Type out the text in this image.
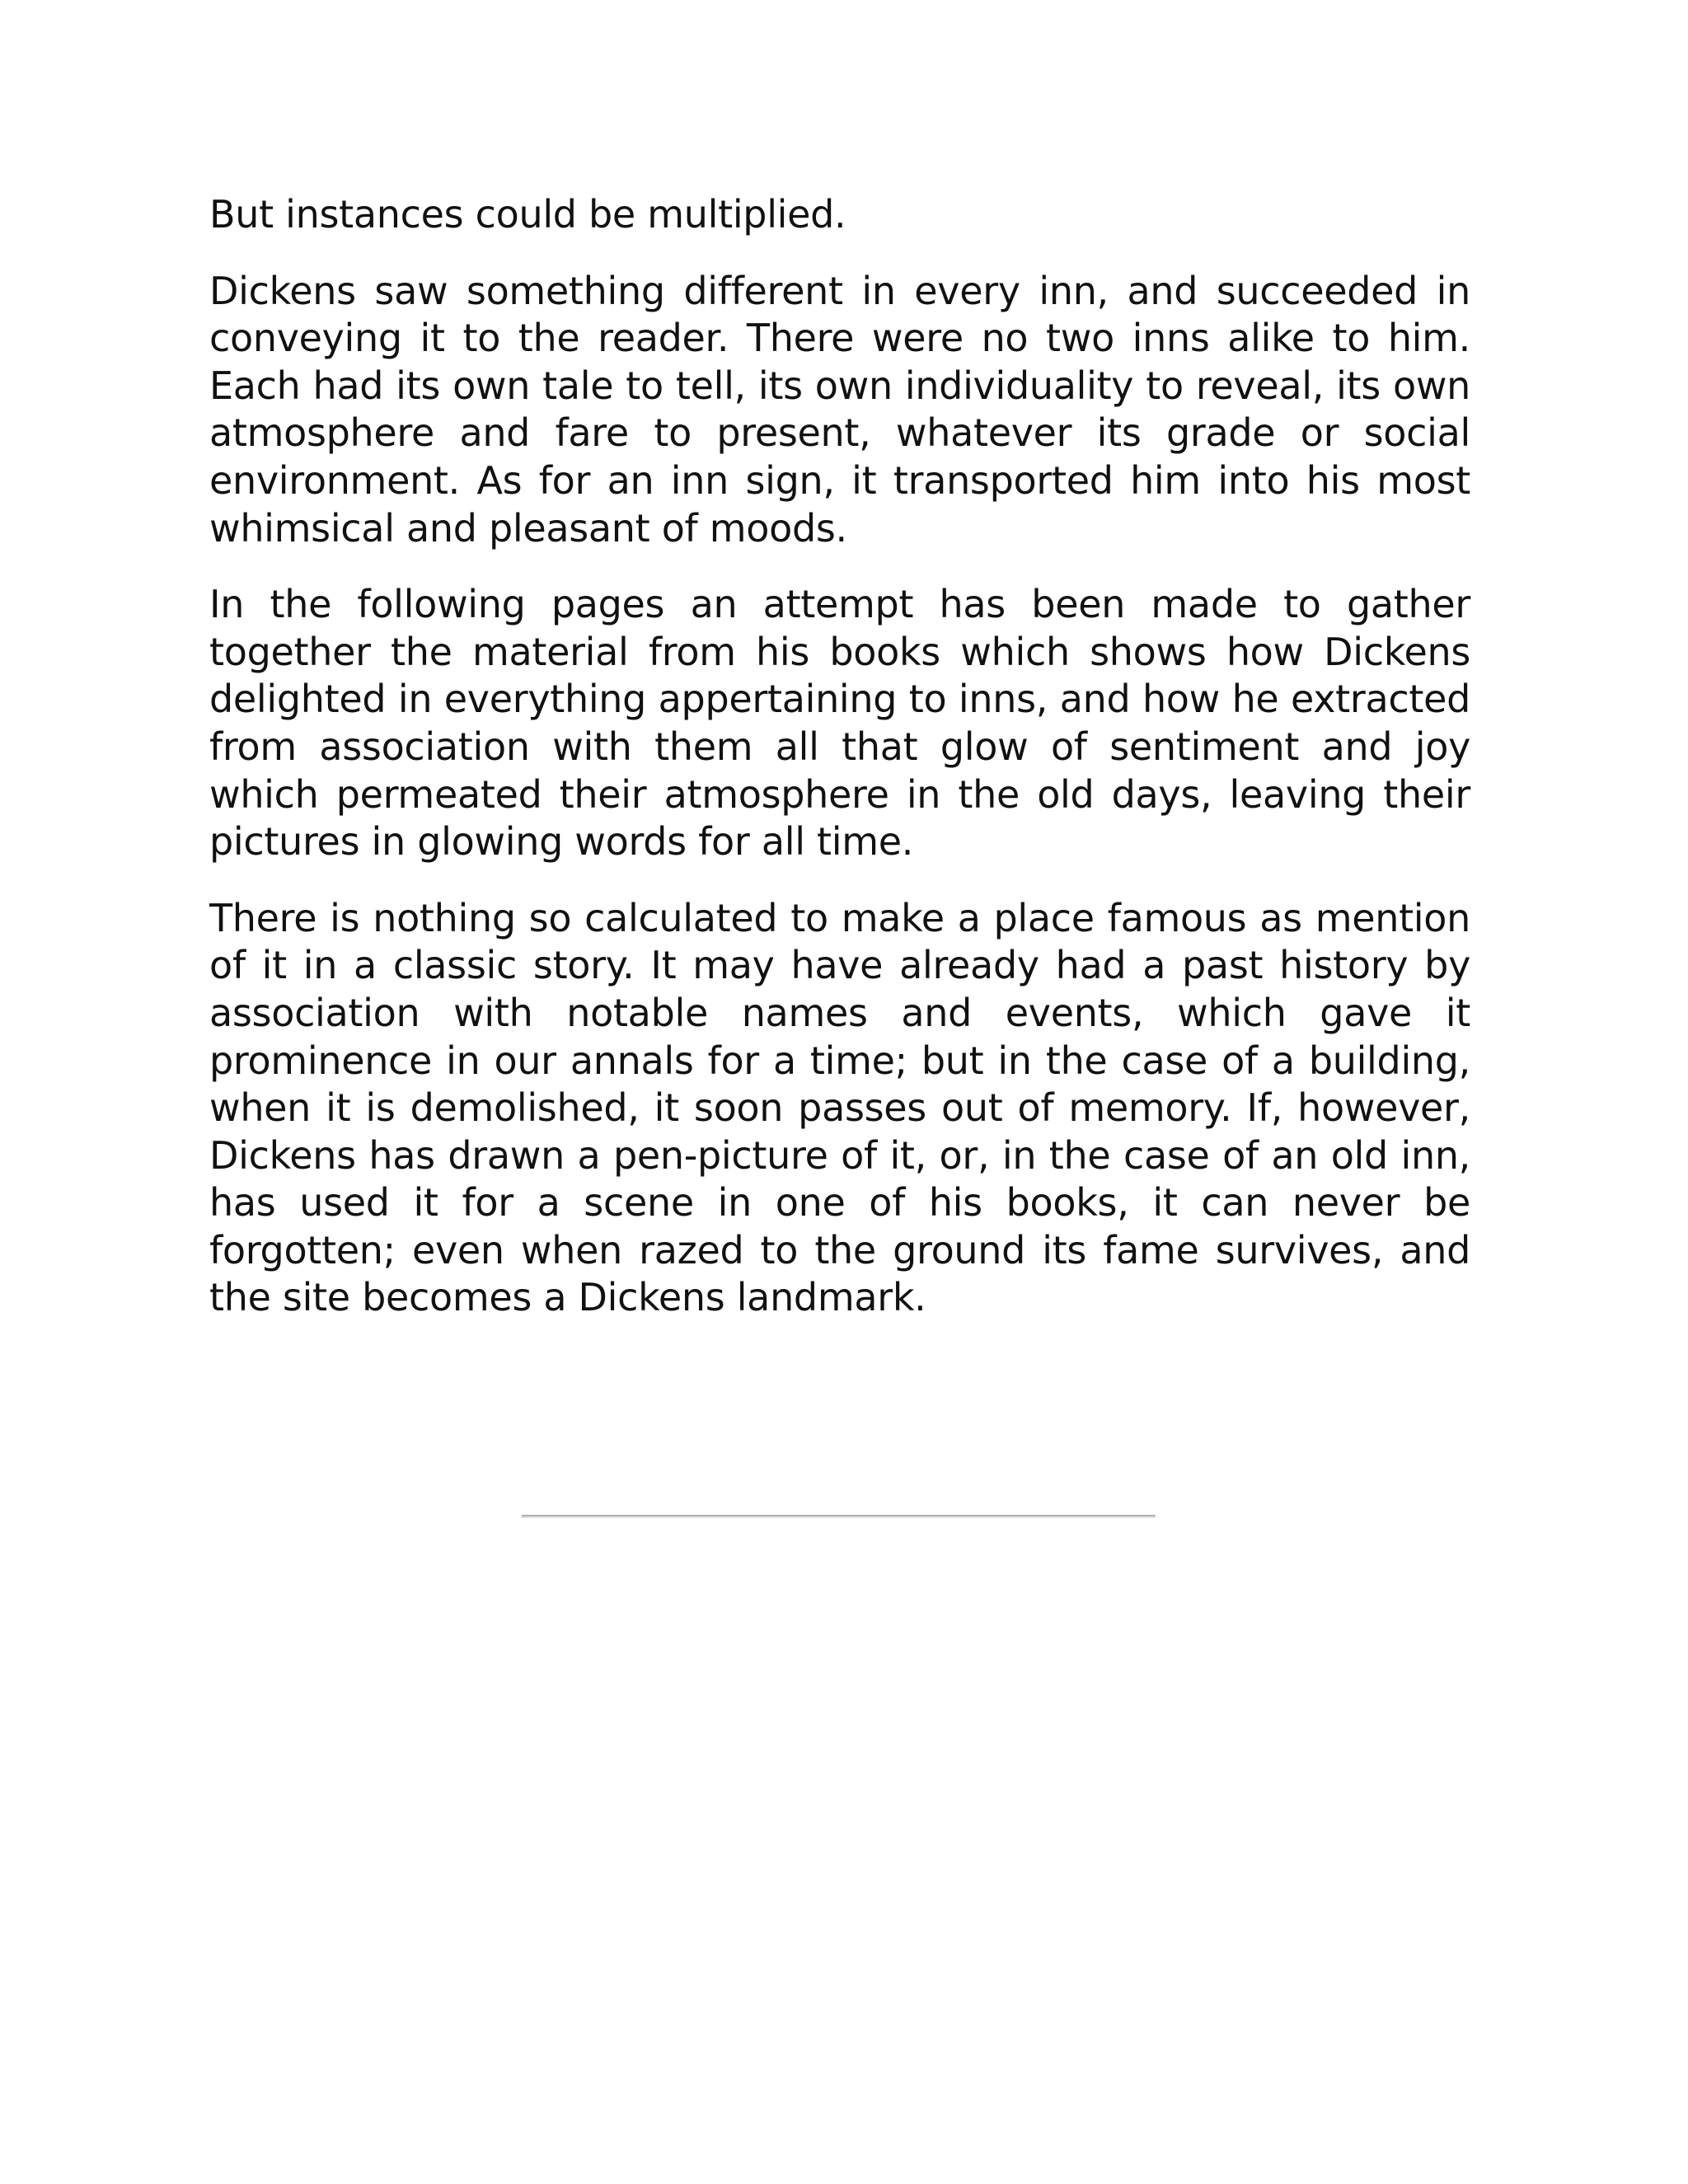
But instances could be multiplied.

Dickens saw something different in every inn, and succeeded in conveying it to the reader. There were no two inns alike to him. Each had its own tale to tell, its own individuality to reveal, its own atmosphere and fare to present, whatever its grade or social environment. As for an inn sign, it transported him into his most whimsical and pleasant of moods.

In the following pages an attempt has been made to gather together the material from his books which shows how Dickens delighted in everything appertaining to inns, and how he extracted from association with them all that glow of sentiment and joy which permeated their atmosphere in the old days, leaving their pictures in glowing words for all time.

There is nothing so calculated to make a place famous as mention of it in a classic story. It may have already had a past history by association with notable names and events, which gave it prominence in our annals for a time; but in the case of a building, when it is demolished, it soon passes out of memory. If, however, Dickens has drawn a pen-picture of it, or, in the case of an old inn, has used it for a scene in one of his books, it can never be forgotten; even when razed to the ground its fame survives, and the site becomes a Dickens landmark.
